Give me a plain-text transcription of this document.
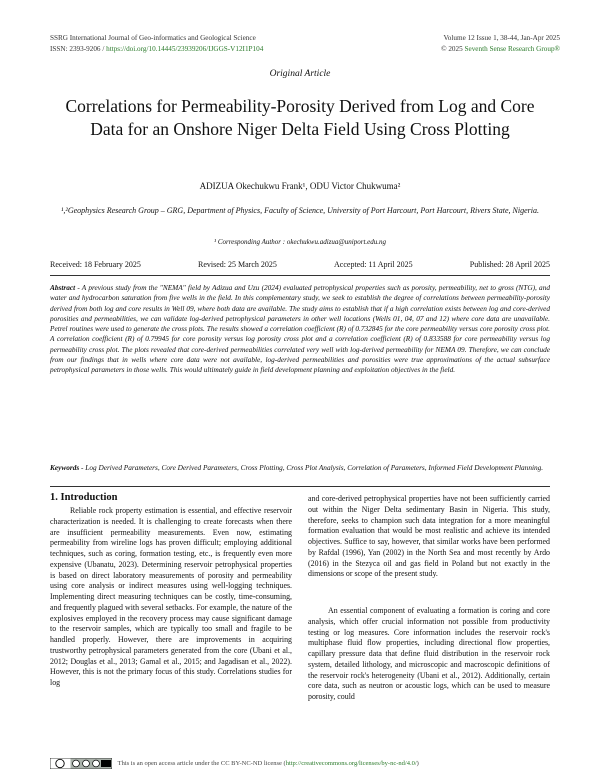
SSRG International Journal of Geo-informatics and Geological Science
ISSN: 2393-9206 / https://doi.org/10.14445/23939206/IJGGS-V12I1P104
Volume 12 Issue 1, 38-44, Jan-Apr 2025
© 2025 Seventh Sense Research Group®
Original Article
Correlations for Permeability-Porosity Derived from Log and Core Data for an Onshore Niger Delta Field Using Cross Plotting
ADIZUA Okechukwu Frank¹, ODU Victor Chukwuma²
¹,²Geophysics Research Group – GRG, Department of Physics, Faculty of Science, University of Port Harcourt, Port Harcourt, Rivers State, Nigeria.
¹ Corresponding Author : okechukwu.adizua@uniport.edu.ng
Received: 18 February 2025	Revised: 25 March 2025	Accepted: 11 April 2025	Published: 28 April 2025
Abstract - A previous study from the "NEMA" field by Adizua and Uzu (2024) evaluated petrophysical properties such as porosity, permeability, net to gross (NTG), and water and hydrocarbon saturation from five wells in the field. In this complementary study, we seek to establish the degree of correlations between permeability-porosity derived from both log and core results in Well 09, where both data are available. The study aims to establish that if a high correlation exists between log and core-derived porosities and permeabilities, we can validate log-derived petrophysical parameters in other well locations (Wells 01, 04, 07 and 12) where core data are unavailable. Petrel routines were used to generate the cross plots. The results showed a correlation coefficient (R) of 0.732845 for the core permeability versus core porosity cross plot. A correlation coefficient (R) of 0.79945 for core porosity versus log porosity cross plot and a correlation coefficient (R) of 0.833588 for core permeability versus log permeability cross plot. The plots revealed that core-derived permeabilities correlated very well with log-derived permeability for NEMA 09. Therefore, we can conclude from our findings that in wells where core data were not available, log-derived permeabilities and porosities were true approximations of the actual subsurface petrophysical parameters in those wells. This would ultimately guide in field development planning and exploitation objectives in the field.
Keywords - Log Derived Parameters, Core Derived Parameters, Cross Plotting, Cross Plot Analysis, Correlation of Parameters, Informed Field Development Planning.
1. Introduction
Reliable rock property estimation is essential, and effective reservoir characterization is needed. It is challenging to create forecasts when there are insufficient permeability measurements. Even now, estimating permeability from wireline logs has proven difficult; employing additional techniques, such as coring, formation testing, etc., is frequently even more expensive (Ubanatu, 2023). Determining reservoir petrophysical properties is based on direct laboratory measurements of porosity and permeability using core analysis or indirect measures using well-logging techniques. Implementing direct measuring techniques can be costly, time-consuming, and frequently plagued with several setbacks. For example, the nature of the explosives employed in the recovery process may cause significant damage to the reservoir samples, which are typically too small and fragile to be handled properly. However, there are improvements in acquiring trustworthy petrophysical parameters generated from the core (Ubani et al., 2012; Douglas et al., 2013; Gamal et al., 2015; and Jagadisan et al., 2022). However, this is not the primary focus of this study. Correlations studies for log
and core-derived petrophysical properties have not been sufficiently carried out within the Niger Delta sedimentary Basin in Nigeria. This study, therefore, seeks to champion such data integration for a more meaningful formation evaluation that would be most realistic and achieve its intended objectives. Suffice to say, however, that similar works have been performed by Rafdal (1996), Yan (2002) in the North Sea and most recently by Ardo (2016) in the Stezyca oil and gas field in Poland but not exactly in the dimensions or scope of the present study.
An essential component of evaluating a formation is coring and core analysis, which offer crucial information not possible from productivity testing or log measures. Core information includes the reservoir rock's multiphase fluid flow properties, including directional flow properties, capillary pressure data that define fluid distribution in the reservoir rock system, detailed lithology, and microscopic and macroscopic definitions of the reservoir rock's heterogeneity (Ubani et al., 2012). Additionally, certain core data, such as neutron or acoustic logs, which can be used to measure porosity, could
This is an open access article under the CC BY-NC-ND license (http://creativecommons.org/licenses/by-nc-nd/4.0/)
